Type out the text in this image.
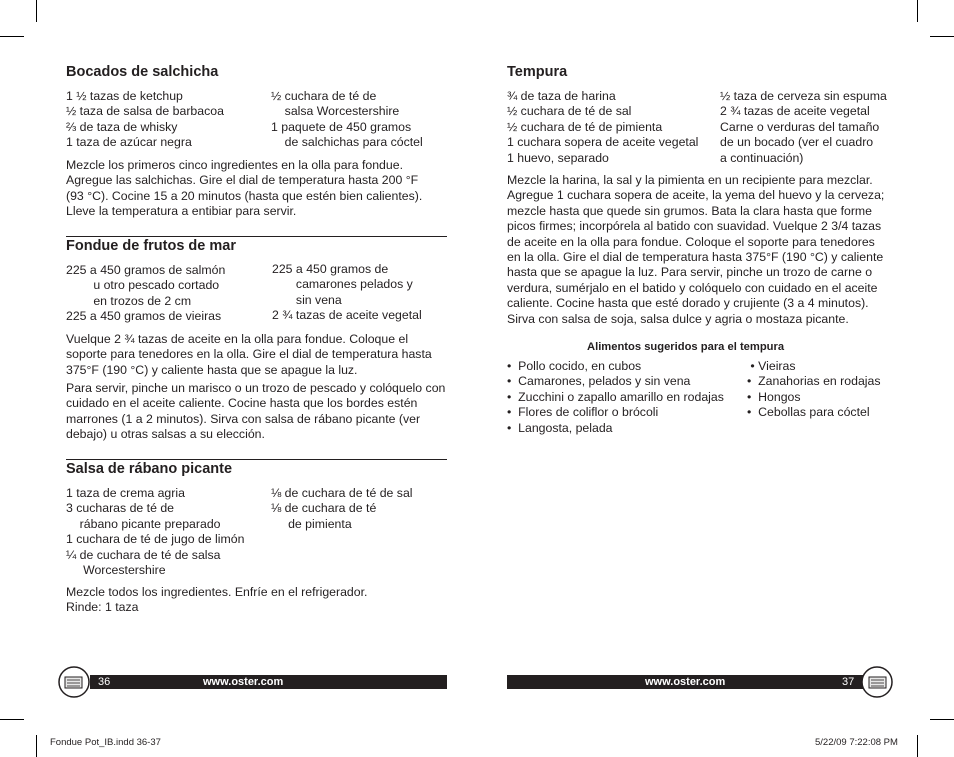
Bocados de salchicha
1 ½ tazas de ketchup
½ taza de salsa de barbacoa
⅔ de taza de whisky
1 taza de azúcar negra
½ cuchara de té de
salsa Worcestershire
1 paquete de 450 gramos
de salchichas para cóctel
Mezcle los primeros cinco ingredientes en la olla para fondue. Agregue las salchichas. Gire el dial de temperatura hasta 200 °F (93 °C). Cocine 15 a 20 minutos (hasta que estén bien calientes). Lleve la temperatura a entibiar para servir.
Fondue de frutos de mar
225 a 450 gramos de salmón
u otro pescado cortado
en trozos de 2 cm
225 a 450 gramos de vieiras
225 a 450 gramos de
camarones pelados y
sin vena
2 ¾ tazas de aceite vegetal
Vuelque 2 ¾ tazas de aceite en la olla para fondue. Coloque el soporte para tenedores en la olla. Gire el dial de temperatura hasta 375°F (190 °C) y caliente hasta que se apague la luz.
Para servir, pinche un marisco o un trozo de pescado y colóquelo con cuidado en el aceite caliente. Cocine hasta que los bordes estén marrones (1 a 2 minutos). Sirva con salsa de rábano picante (ver debajo) u otras salsas a su elección.
Salsa de rábano picante
1 taza de crema agria
3 cucharas de té de
rábano picante preparado
1 cuchara de té de jugo de limón
¼ de cuchara de té de salsa
Worcestershire
⅛ de cuchara de té de sal
⅛ de cuchara de té
de pimienta
Mezcle todos los ingredientes. Enfríe en el refrigerador.
Rinde: 1 taza
36	www.oster.com
Tempura
¾ de taza de harina
½ cuchara de té de sal
½ cuchara de té de pimienta
1 cuchara sopera de aceite vegetal
1 huevo, separado
½ taza de cerveza sin espuma
2 ¾ tazas de aceite vegetal
Carne o verduras del tamaño
de un bocado (ver el cuadro
a continuación)
Mezcle la harina, la sal y la pimienta en un recipiente para mezclar. Agregue 1 cuchara sopera de aceite, la yema del huevo y la cerveza; mezcle hasta que quede sin grumos. Bata la clara hasta que forme picos firmes; incorpórela al batido con suavidad. Vuelque 2 3/4 tazas de aceite en la olla para fondue. Coloque el soporte para tenedores en la olla. Gire el dial de temperatura hasta 375°F (190 °C) y caliente hasta que se apague la luz. Para servir, pinche un trozo de carne o verdura, sumérjalo en el batido y colóquelo con cuidado en el aceite caliente. Cocine hasta que esté dorado y crujiente (3 a 4 minutos). Sirva con salsa de soja, salsa dulce y agria o mostaza picante.
Alimentos sugeridos para el tempura
•  Pollo cocido, en cubos
•  Camarones, pelados y sin vena
•  Zucchini o zapallo amarillo en rodajas
•  Flores de coliflor o brócoli
•  Langosta, pelada
• Vieiras
•  Zanahorias en rodajas
•  Hongos
•  Cebollas para cóctel
www.oster.com	37
Fondue Pot_IB.indd 36-37	5/22/09 7:22:08 PM
